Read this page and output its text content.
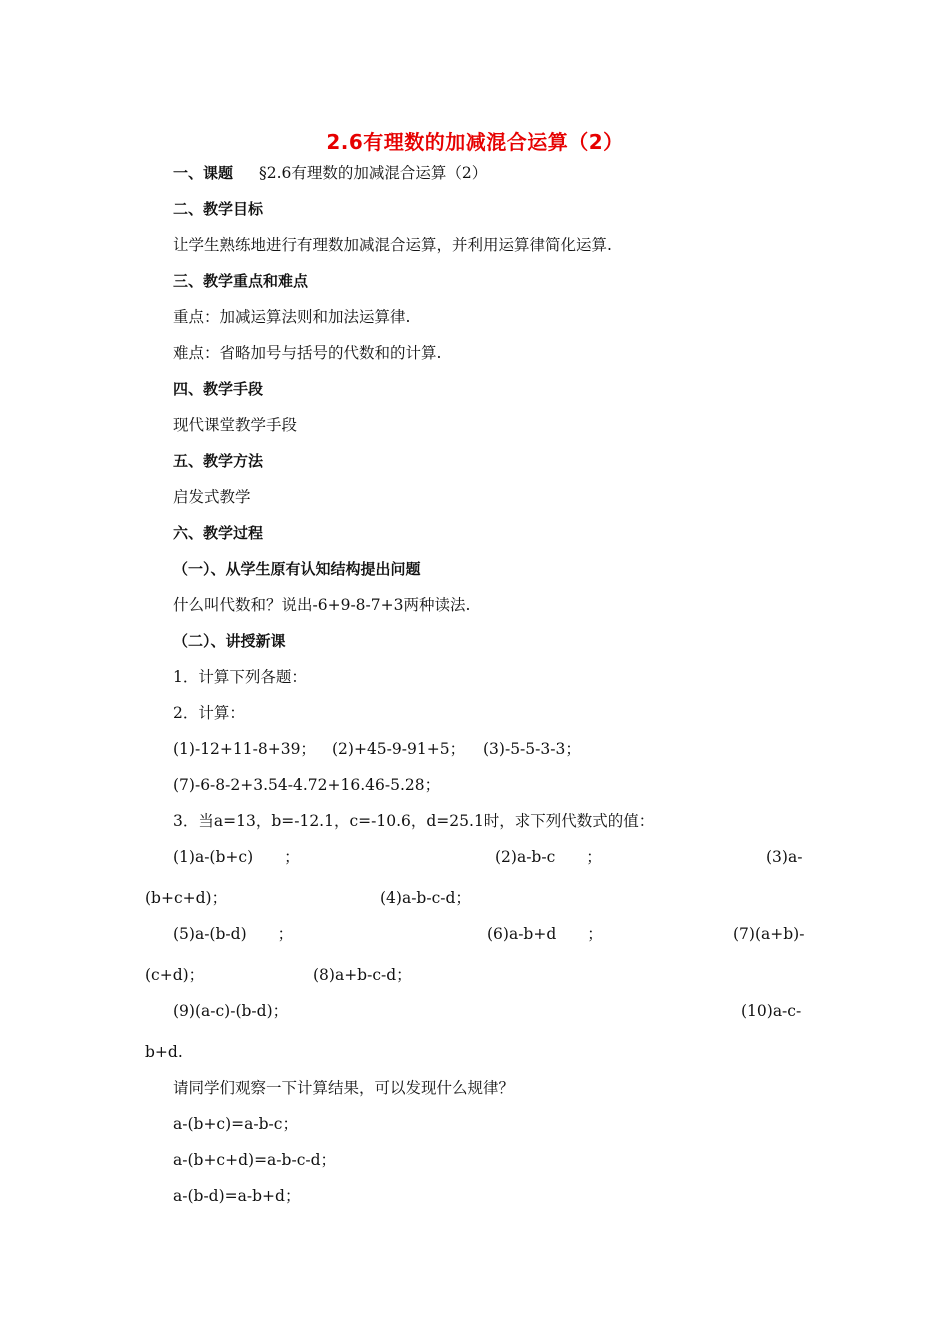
2.6有理数的加减混合运算（2）
一、课题	§2.6有理数的加减混合运算（2）
二、教学目标
让学生熟练地进行有理数加减混合运算，并利用运算律简化运算.
三、教学重点和难点
重点：加减运算法则和加法运算律.
难点：省略加号与括号的代数和的计算.
四、教学手段
现代课堂教学手段
五、教学方法
启发式教学
六、教学过程
（一）、从学生原有认知结构提出问题
什么叫代数和？说出-6+9-8-7+3两种读法.
（二）、讲授新课
1．计算下列各题：
2．计算：
(1)-12+11-8+39； (2)+45-9-91+5； (3)-5-5-3-3；
(7)-6-8-2+3.54-4.72+16.46-5.28；
3．当a=13，b=-12.1，c=-10.6，d=25.1时，求下列代数式的值：
(1)a-(b+c)　　；	(2)a-b-c　　；	(3)a-
(b+c+d)；	(4)a-b-c-d；
(5)a-(b-d)　　；	(6)a-b+d　　；	(7)(a+b)-
(c+d)；	(8)a+b-c-d；
(9)(a-c)-(b-d)；	(10)a-c-
b+d.
请同学们观察一下计算结果，可以发现什么规律？
a-(b+c)=a-b-c；
a-(b+c+d)=a-b-c-d；
a-(b-d)=a-b+d；
